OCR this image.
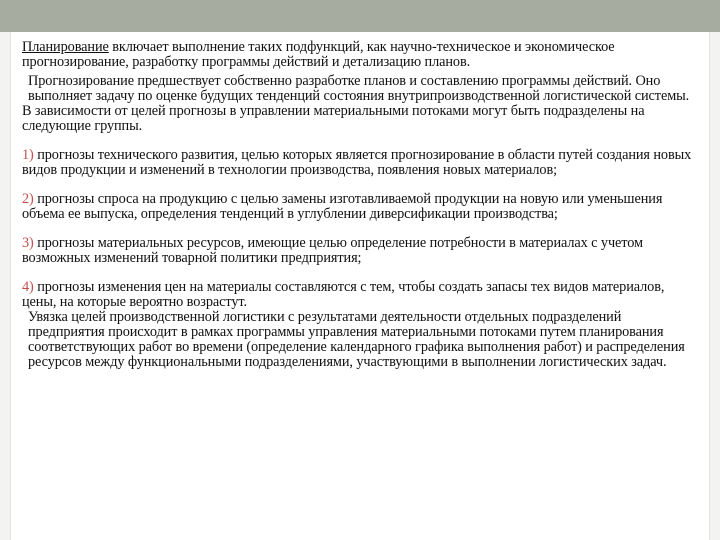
Планирование включает выполнение таких подфункций, как научно-техническое и экономическое прогнозирование, разработку программы действий и детализацию планов.

Прогнозирование предшествует собственно разработке планов и составлению программы действий. Оно выполняет задачу по оценке будущих тенденций состояния внутрипроизводственной логистической системы.

В зависимости от целей прогнозы в управлении материальными потоками могут быть подразделены на следующие группы.

1) прогнозы технического развития, целью которых является прогнозирование в области путей создания новых видов продукции и изменений в технологии производства, появления новых материалов;

2) прогнозы спроса на продукцию с целью замены изготавливаемой продукции на новую или уменьшения объема ее выпуска, определения тенденций в углублении диверсификации производства;

3) прогнозы материальных ресурсов, имеющие целью определение потребности в материалах с учетом возможных изменений товарной политики предприятия;

4) прогнозы изменения цен на материалы составляются с тем, чтобы создать запасы тех видов материалов, цены, на которые вероятно возрастут.

Увязка целей производственной логистики с результатами деятельности отдельных подразделений предприятия происходит в рамках программы управления материальными потоками путем планирования соответствующих работ во времени (определение календарного графика выполнения работ) и распределения ресурсов между функциональными подразделениями, участвующими в выполнении логистических задач.
